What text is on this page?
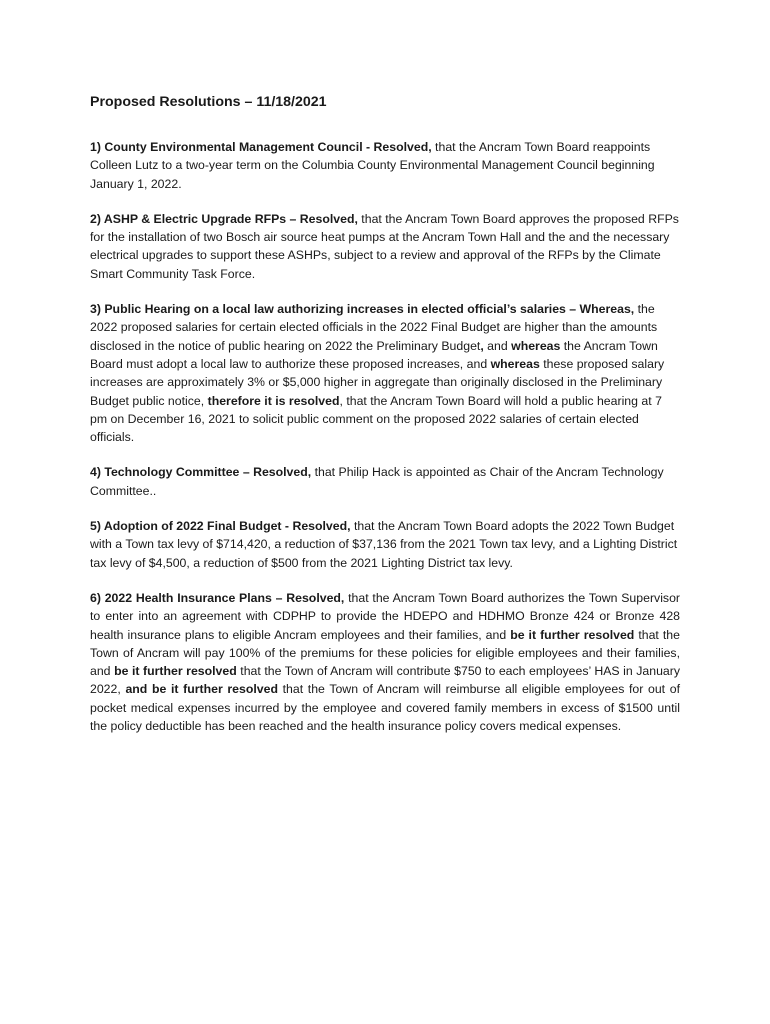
Proposed Resolutions – 11/18/2021

1) County Environmental Management Council - Resolved, that the Ancram Town Board reappoints Colleen Lutz to a two-year term on the Columbia County Environmental Management Council beginning January 1, 2022.

2) ASHP & Electric Upgrade RFPs – Resolved, that the Ancram Town Board approves the proposed RFPs for the installation of two Bosch air source heat pumps at the Ancram Town Hall and the and the necessary electrical upgrades to support these ASHPs, subject to a review and approval of the RFPs by the Climate Smart Community Task Force.

3) Public Hearing on a local law authorizing increases in elected official’s salaries – Whereas, the 2022 proposed salaries for certain elected officials in the 2022 Final Budget are higher than the amounts disclosed in the notice of public hearing on 2022 the Preliminary Budget, and whereas the Ancram Town Board must adopt a local law to authorize these proposed increases, and whereas these proposed salary increases are approximately 3% or $5,000 higher in aggregate than originally disclosed in the Preliminary Budget public notice, therefore it is resolved, that the Ancram Town Board will hold a public hearing at 7 pm on December 16, 2021 to solicit public comment on the proposed 2022 salaries of certain elected officials.

4) Technology Committee – Resolved, that Philip Hack is appointed as Chair of the Ancram Technology Committee..

5) Adoption of 2022 Final Budget - Resolved, that the Ancram Town Board adopts the 2022 Town Budget with a Town tax levy of $714,420, a reduction of $37,136 from the 2021 Town tax levy, and a Lighting District tax levy of $4,500, a reduction of $500 from the 2021 Lighting District tax levy.

6) 2022 Health Insurance Plans – Resolved, that the Ancram Town Board authorizes the Town Supervisor to enter into an agreement with CDPHP to provide the HDEPO and HDHMO Bronze 424 or Bronze 428 health insurance plans to eligible Ancram employees and their families, and be it further resolved that the Town of Ancram will pay 100% of the premiums for these policies for eligible employees and their families, and be it further resolved that the Town of Ancram will contribute $750 to each employees’ HAS in January 2022, and be it further resolved that the Town of Ancram will reimburse all eligible employees for out of pocket medical expenses incurred by the employee and covered family members in excess of $1500 until the policy deductible has been reached and the health insurance policy covers medical expenses.
